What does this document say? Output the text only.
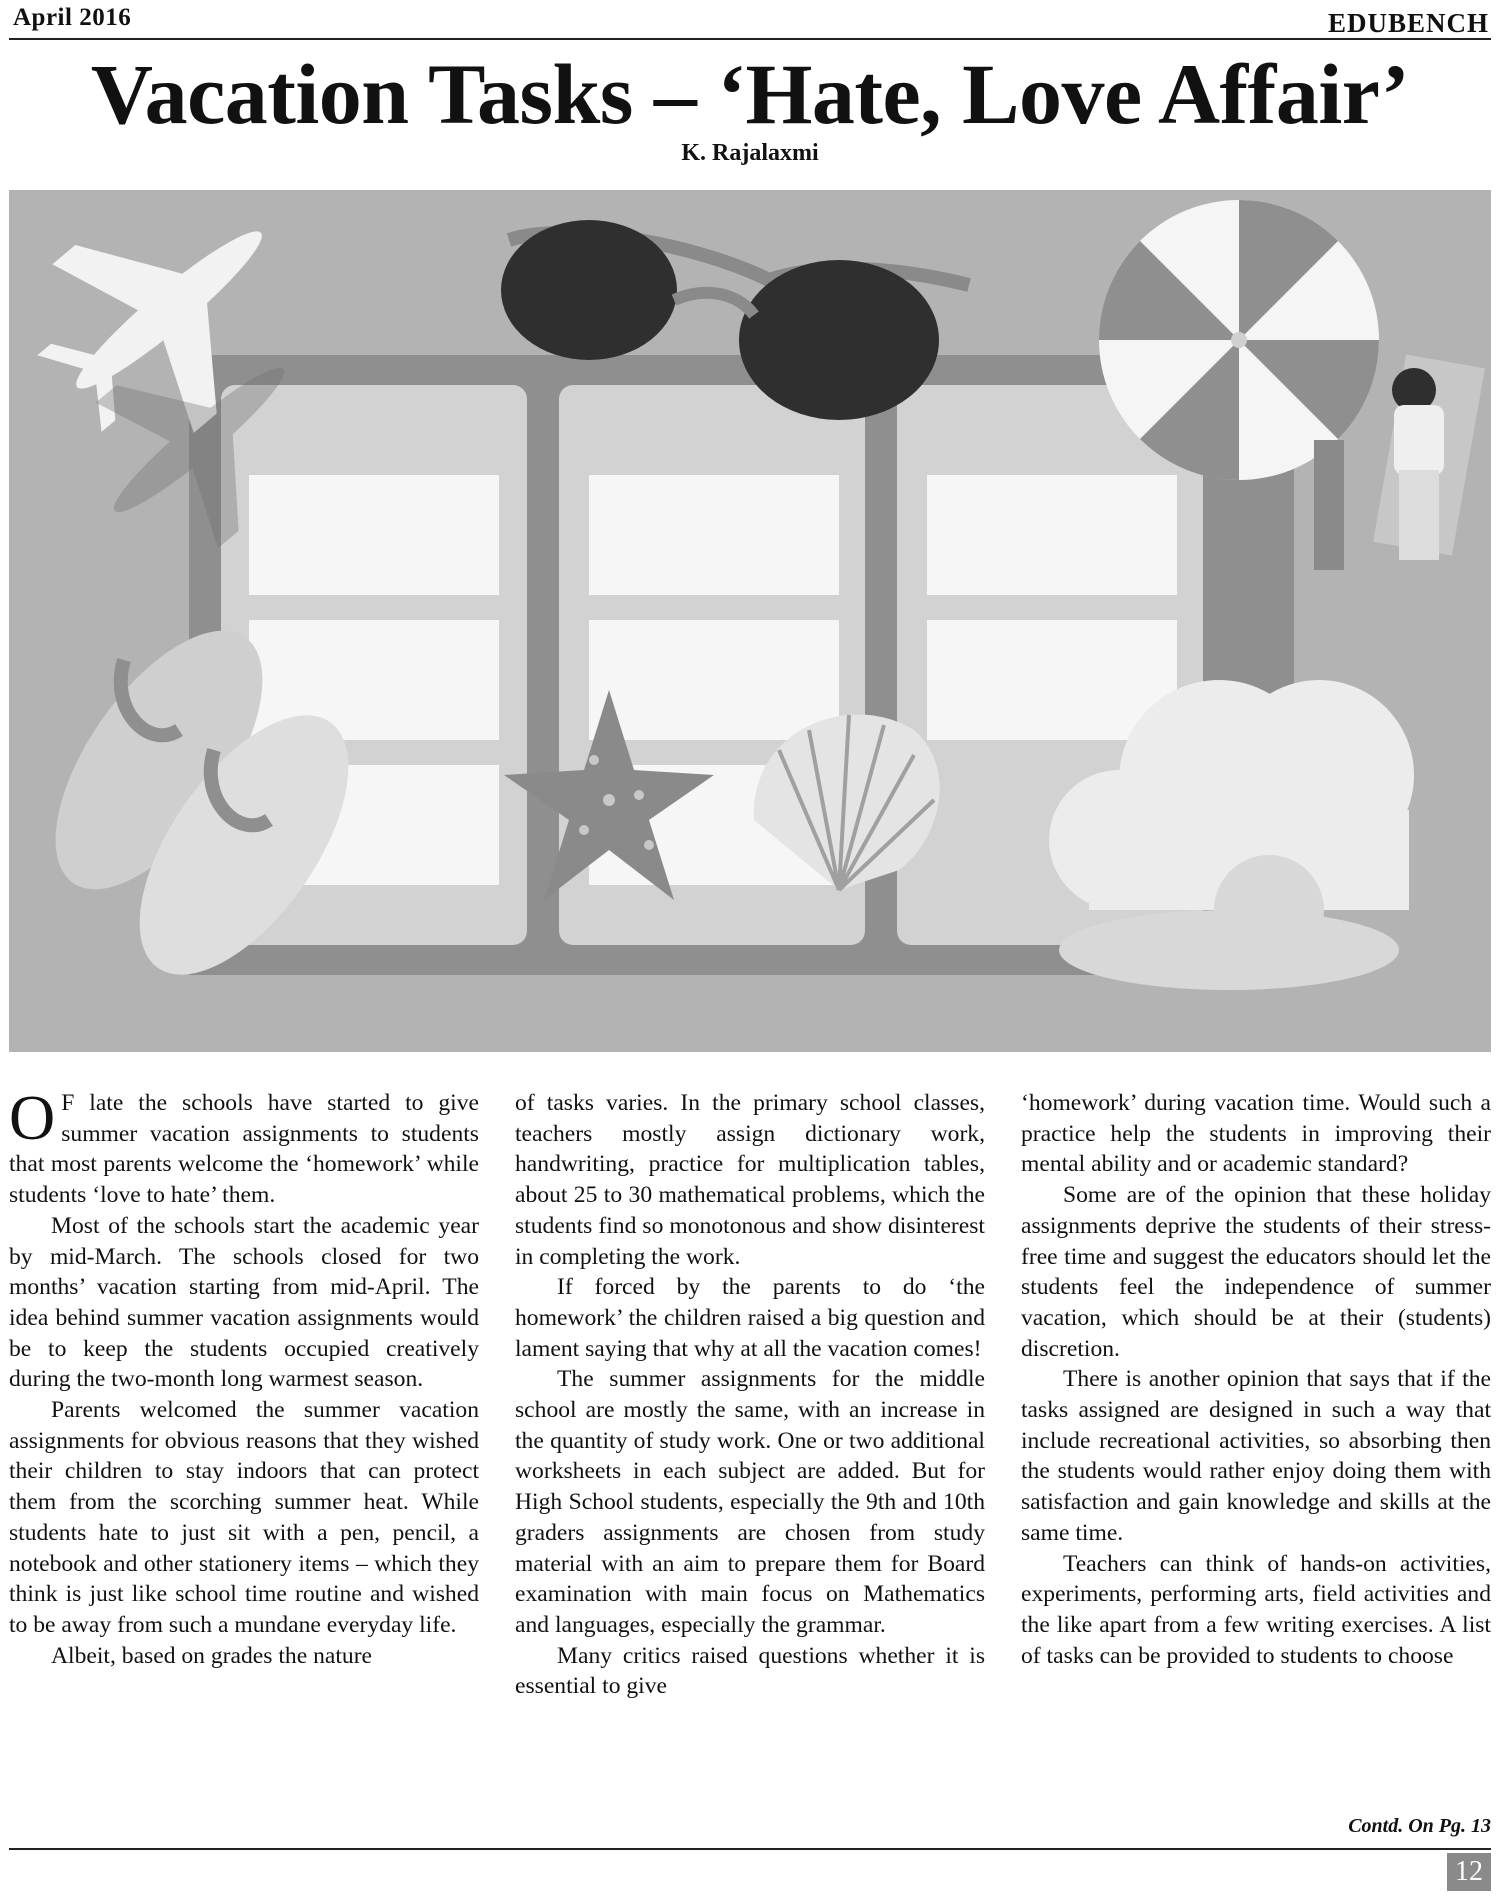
April 2016	EDUBENCH
Vacation Tasks – ‘Hate, Love Affair’
K. Rajalaxmi

O F late the schools have started to give summer vacation assignments to students that most parents welcome the ‘homework’ while students ‘love to hate’ them.

Most of the schools start the academic year by mid-March. The schools closed for two months’ vacation starting from mid-April. The idea behind summer vacation assignments would be to keep the students occupied creatively during the two-month long warmest season.

Parents welcomed the summer vacation assignments for obvious reasons that they wished their children to stay indoors that can protect them from the scorching summer heat. While students hate to just sit with a pen, pencil, a notebook and other stationery items – which they think is just like school time routine and wished to be away from such a mundane everyday life.

Albeit, based on grades the nature

of tasks varies. In the primary school classes, teachers mostly assign dictionary work, handwriting, practice for multiplication tables, about 25 to 30 mathematical problems, which the students find so monotonous and show disinterest in completing the work.

If forced by the parents to do ‘the homework’ the children raised a big question and lament saying that why at all the vacation comes!

The summer assignments for the middle school are mostly the same, with an increase in the quantity of study work. One or two additional worksheets in each subject are added. But for High School students, especially the 9th and 10th graders assignments are chosen from study material with an aim to prepare them for Board examination with main focus on Mathematics and languages, especially the grammar.

Many critics raised questions whether it is essential to give

‘homework’ during vacation time. Would such a practice help the students in improving their mental ability and or academic standard?

Some are of the opinion that these holiday assignments deprive the students of their stress-free time and suggest the educators should let the students feel the independence of summer vacation, which should be at their (students) discretion.

There is another opinion that says that if the tasks assigned are designed in such a way that include recreational activities, so absorbing then the students would rather enjoy doing them with satisfaction and gain knowledge and skills at the same time.

Teachers can think of hands-on activities, experiments, performing arts, field activities and the like apart from a few writing exercises. A list of tasks can be provided to students to choose

Contd. On Pg. 13
12
